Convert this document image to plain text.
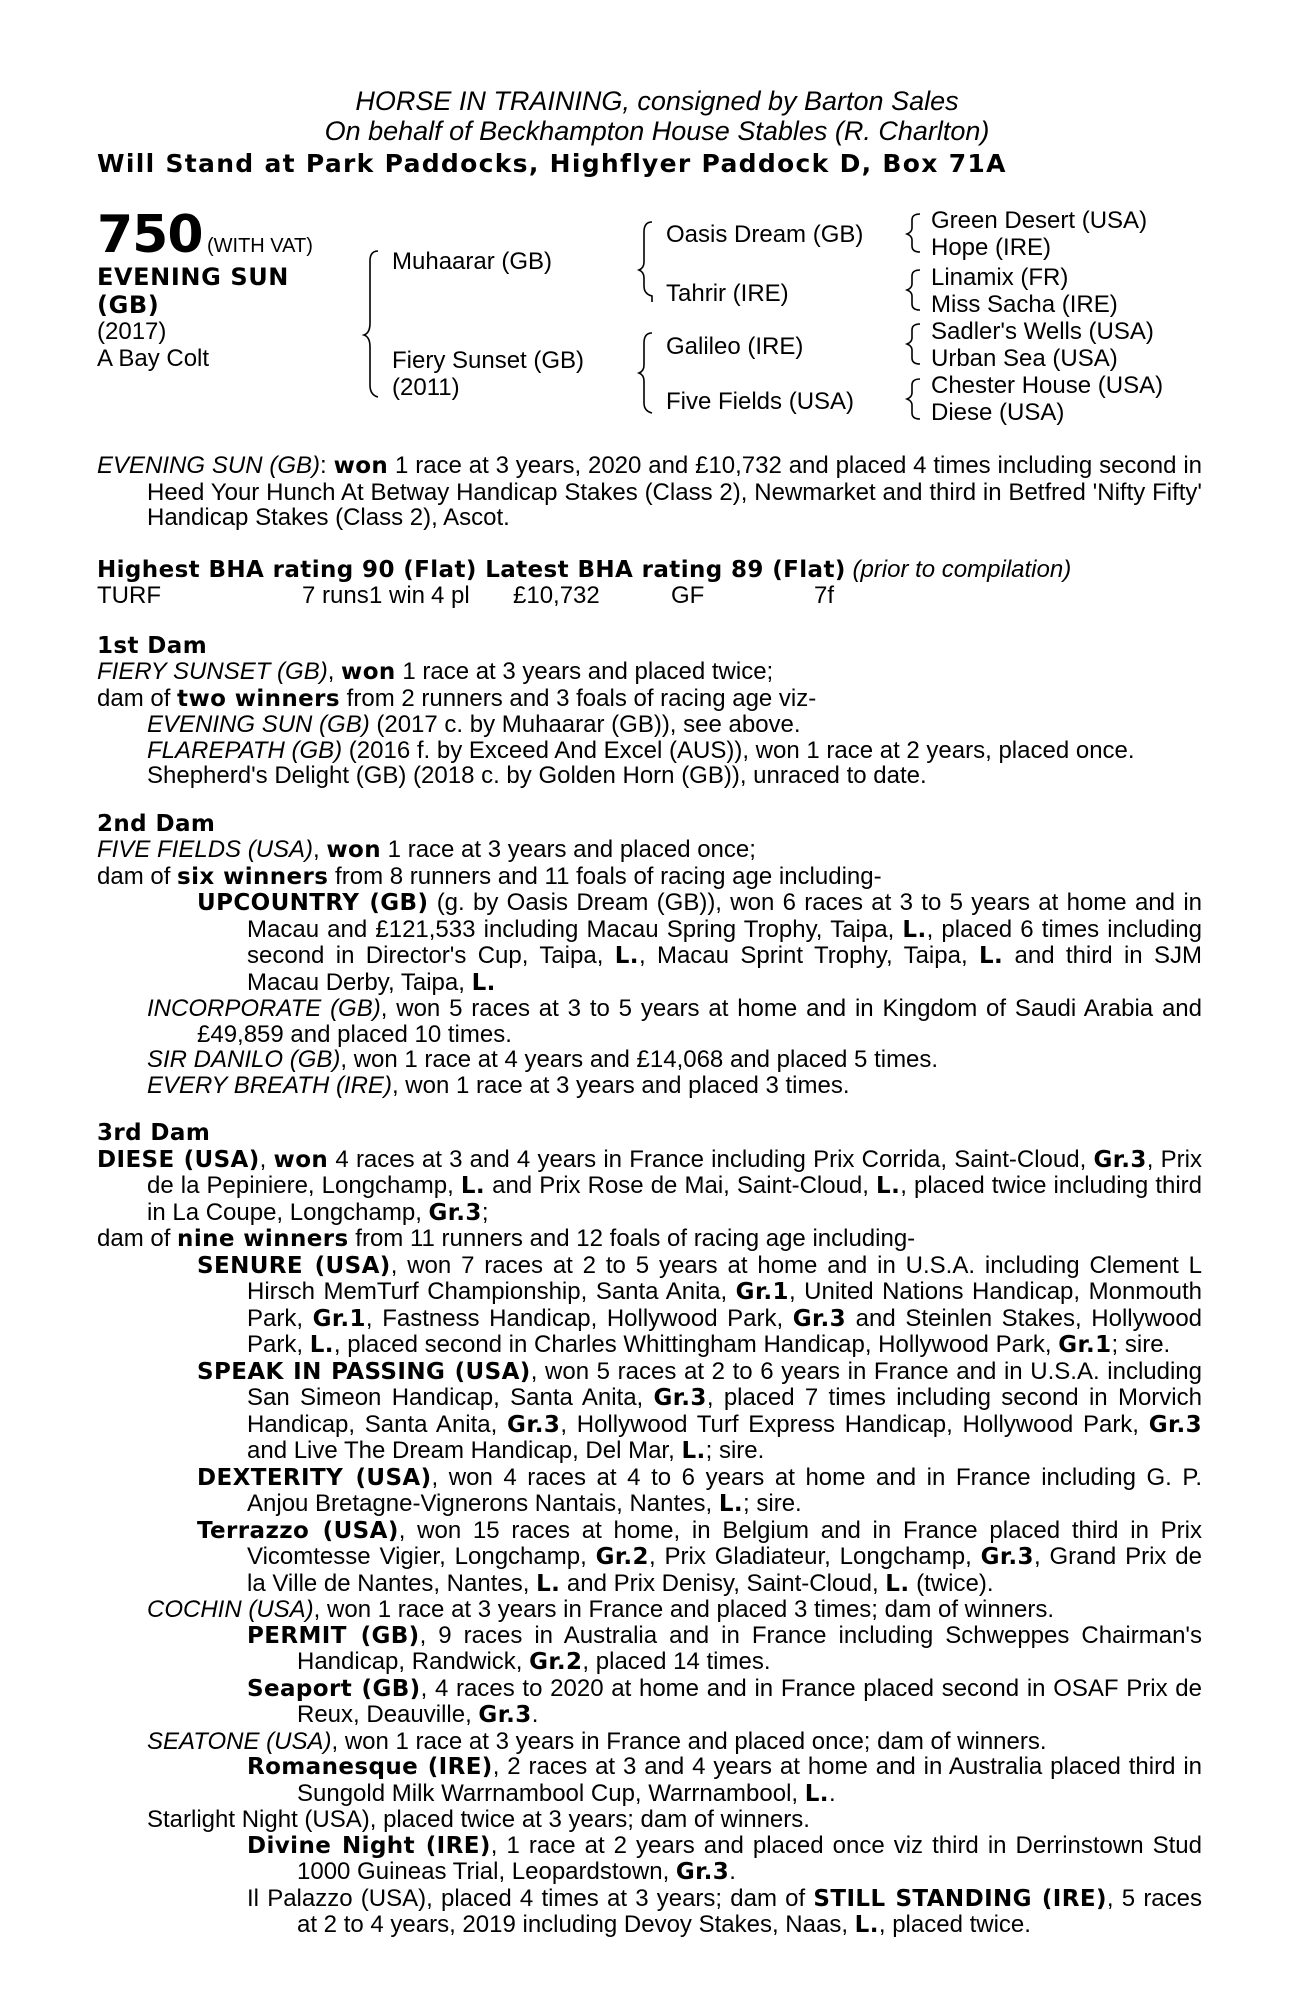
HORSE IN TRAINING, consigned by Barton Sales
On behalf of Beckhampton House Stables (R. Charlton)
Will Stand at Park Paddocks, Highflyer Paddock D, Box 71A
750 (WITH VAT)
EVENING SUN
(GB)
(2017)
A Bay Colt
Muhaarar (GB)
Fiery Sunset (GB)
(2011)
Oasis Dream (GB)
Tahrir (IRE)
Galileo (IRE)
Five Fields (USA)
Green Desert (USA)
Hope (IRE)
Linamix (FR)
Miss Sacha (IRE)
Sadler's Wells (USA)
Urban Sea (USA)
Chester House (USA)
Diese (USA)

EVENING SUN (GB): won 1 race at 3 years, 2020 and £10,732 and placed 4 times including second in Heed Your Hunch At Betway Handicap Stakes (Class 2), Newmarket and third in Betfred 'Nifty Fifty' Handicap Stakes (Class 2), Ascot.

Highest BHA rating 90 (Flat) Latest BHA rating 89 (Flat) (prior to compilation)

TURF	7 runs1 win 4 pl £10,732	GF	7f

1st Dam

FIERY SUNSET (GB), won 1 race at 3 years and placed twice;

dam of two winners from 2 runners and 3 foals of racing age viz-

EVENING SUN (GB) (2017 c. by Muhaarar (GB)), see above.

FLAREPATH (GB) (2016 f. by Exceed And Excel (AUS)), won 1 race at 2 years, placed once.

Shepherd's Delight (GB) (2018 c. by Golden Horn (GB)), unraced to date.

2nd Dam

FIVE FIELDS (USA), won 1 race at 3 years and placed once;

dam of six winners from 8 runners and 11 foals of racing age including-

UPCOUNTRY (GB) (g. by Oasis Dream (GB)), won 6 races at 3 to 5 years at home and in Macau and £121,533 including Macau Spring Trophy, Taipa, L., placed 6 times including second in Director's Cup, Taipa, L., Macau Sprint Trophy, Taipa, L. and third in SJM Macau Derby, Taipa, L.

INCORPORATE (GB), won 5 races at 3 to 5 years at home and in Kingdom of Saudi Arabia and £49,859 and placed 10 times.

SIR DANILO (GB), won 1 race at 4 years and £14,068 and placed 5 times.

EVERY BREATH (IRE), won 1 race at 3 years and placed 3 times.

3rd Dam

DIESE (USA), won 4 races at 3 and 4 years in France including Prix Corrida, Saint-Cloud, Gr.3, Prix de la Pepiniere, Longchamp, L. and Prix Rose de Mai, Saint-Cloud, L., placed twice including third in La Coupe, Longchamp, Gr.3;

dam of nine winners from 11 runners and 12 foals of racing age including-

SENURE (USA), won 7 races at 2 to 5 years at home and in U.S.A. including Clement L Hirsch MemTurf Championship, Santa Anita, Gr.1, United Nations Handicap, Monmouth Park, Gr.1, Fastness Handicap, Hollywood Park, Gr.3 and Steinlen Stakes, Hollywood Park, L., placed second in Charles Whittingham Handicap, Hollywood Park, Gr.1; sire.

SPEAK IN PASSING (USA), won 5 races at 2 to 6 years in France and in U.S.A. including San Simeon Handicap, Santa Anita, Gr.3, placed 7 times including second in Morvich Handicap, Santa Anita, Gr.3, Hollywood Turf Express Handicap, Hollywood Park, Gr.3 and Live The Dream Handicap, Del Mar, L.; sire.

DEXTERITY (USA), won 4 races at 4 to 6 years at home and in France including G. P. Anjou Bretagne-Vignerons Nantais, Nantes, L.; sire.

Terrazzo (USA), won 15 races at home, in Belgium and in France placed third in Prix Vicomtesse Vigier, Longchamp, Gr.2, Prix Gladiateur, Longchamp, Gr.3, Grand Prix de la Ville de Nantes, Nantes, L. and Prix Denisy, Saint-Cloud, L. (twice).

COCHIN (USA), won 1 race at 3 years in France and placed 3 times; dam of winners.

PERMIT (GB), 9 races in Australia and in France including Schweppes Chairman's Handicap, Randwick, Gr.2, placed 14 times.

Seaport (GB), 4 races to 2020 at home and in France placed second in OSAF Prix de Reux, Deauville, Gr.3.

SEATONE (USA), won 1 race at 3 years in France and placed once; dam of winners.

Romanesque (IRE), 2 races at 3 and 4 years at home and in Australia placed third in Sungold Milk Warrnambool Cup, Warrnambool, L..

Starlight Night (USA), placed twice at 3 years; dam of winners.

Divine Night (IRE), 1 race at 2 years and placed once viz third in Derrinstown Stud 1000 Guineas Trial, Leopardstown, Gr.3.

Il Palazzo (USA), placed 4 times at 3 years; dam of STILL STANDING (IRE), 5 races at 2 to 4 years, 2019 including Devoy Stakes, Naas, L., placed twice.
